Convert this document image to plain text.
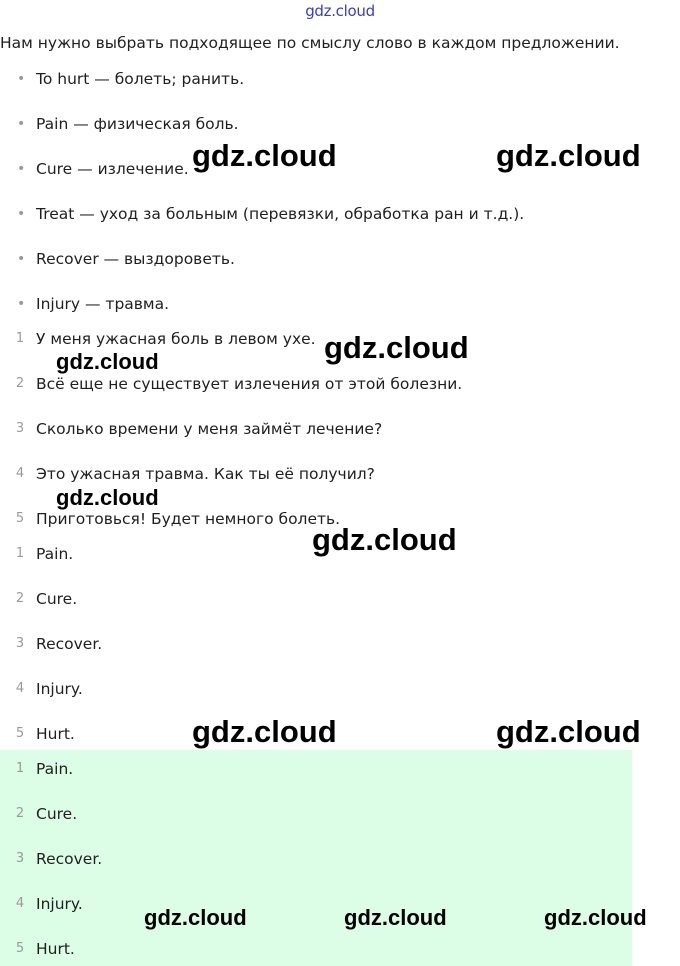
gdz.cloud
Нам нужно выбрать подходящее по смыслу слово в каждом предложении.
• To hurt — болеть; ранить.
• Pain — физическая боль.
• Cure — излечение.
• Treat — уход за больным (перевязки, обработка ран и т.д.).
• Recover — выздороветь.
• Injury — травма.
1 У меня ужасная боль в левом ухе.
2 Всё еще не существует излечения от этой болезни.
3 Сколько времени у меня займёт лечение?
4 Это ужасная травма. Как ты её получил?
5 Приготовься! Будет немного болеть.
1 Pain.
2 Cure.
3 Recover.
4 Injury.
5 Hurt.
1 Pain.
2 Cure.
3 Recover.
4 Injury.
5 Hurt.
gdz.cloud	gdz.cloud
gdz.cloud
gdz.cloud
gdz.cloud
gdz.cloud
gdz.cloud	gdz.cloud
gdz.cloud	gdz.cloud	gdz.cloud
